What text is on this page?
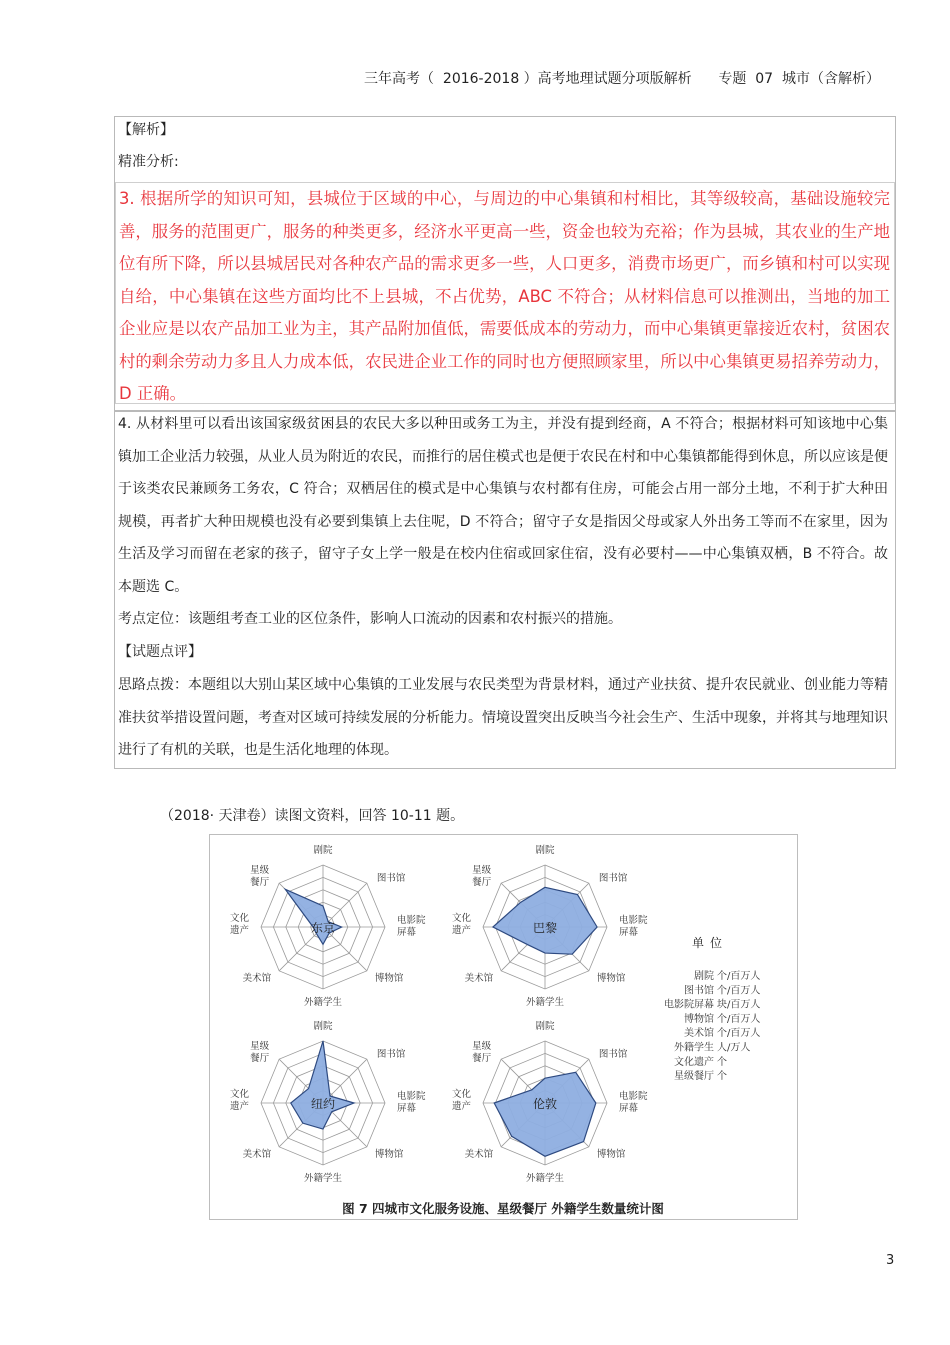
三年高考（  2016-2018 ）高考地理试题分项版解析      专题  07  城市（含解析）
【解析】
精准分析:
3. 根据所学的知识可知，县城位于区域的中心，与周边的中心集镇和村相比，其等级较高，基础设施较完善，服务的范围更广，服务的种类更多，经济水平更高一些，资金也较为充裕；作为县城，其农业的生产地位有所下降，所以县城居民对各种农产品的需求更多一些，人口更多，消费市场更广，而乡镇和村可以实现自给，中心集镇在这些方面均比不上县城，不占优势，ABC 不符合；从材料信息可以推测出，当地的加工企业应是以农产品加工业为主，其产品附加值低，需要低成本的劳动力，而中心集镇更靠接近农村，贫困农村的剩余劳动力多且人力成本低，农民进企业工作的同时也方便照顾家里，所以中心集镇更易招养劳动力，D 正确。
4. 从材料里可以看出该国家级贫困县的农民大多以种田或务工为主，并没有提到经商，A 不符合；根据材料可知该地中心集镇加工企业活力较强，从业人员为附近的农民，而推行的居住模式也是便于农民在村和中心集镇都能得到休息，所以应该是便于该类农民兼顾务工务农，C 符合；双栖居住的模式是中心集镇与农村都有住房，可能会占用一部分土地，不利于扩大种田规模，再者扩大种田规模也没有必要到集镇上去住呢，D 不符合；留守子女是指因父母或家人外出务工等而不在家里，因为生活及学习而留在老家的孩子，留守子女上学一般是在校内住宿或回家住宿，没有必要村——中心集镇双栖，B 不符合。故本题选 C。
考点定位：该题组考查工业的区位条件，影响人口流动的因素和农村振兴的措施。
【试题点评】
思路点拨：本题组以大别山某区域中心集镇的工业发展与农民类型为背景材料，通过产业扶贫、提升农民就业、创业能力等精准扶贫举措设置问题，考查对区域可持续发展的分析能力。情境设置突出反映当今社会生产、生活中现象，并将其与地理知识进行了有机的关联，也是生活化地理的体现。
（2018· 天津卷）读图文资料，回答 10-11 题。
东京
剧院
图书馆
电影院屏幕
博物馆
外籍学生
美术馆
文化遗产
星级餐厅
巴黎
剧院
图书馆
电影院屏幕
博物馆
外籍学生
美术馆
文化遗产
星级餐厅
纽约
剧院
图书馆
电影院屏幕
博物馆
外籍学生
美术馆
文化遗产
星级餐厅
伦敦
剧院
图书馆
电影院屏幕
博物馆
外籍学生
美术馆
文化遗产
星级餐厅
单位
剧院 个/百万人
图书馆 个/百万人
电影院屏幕 块/百万人
博物馆 个/百万人
美术馆 个/百万人
外籍学生 人/万人
文化遗产 个
星级餐厅 个
图 7 四城市文化服务设施、星级餐厅 外籍学生数量统计图
3
